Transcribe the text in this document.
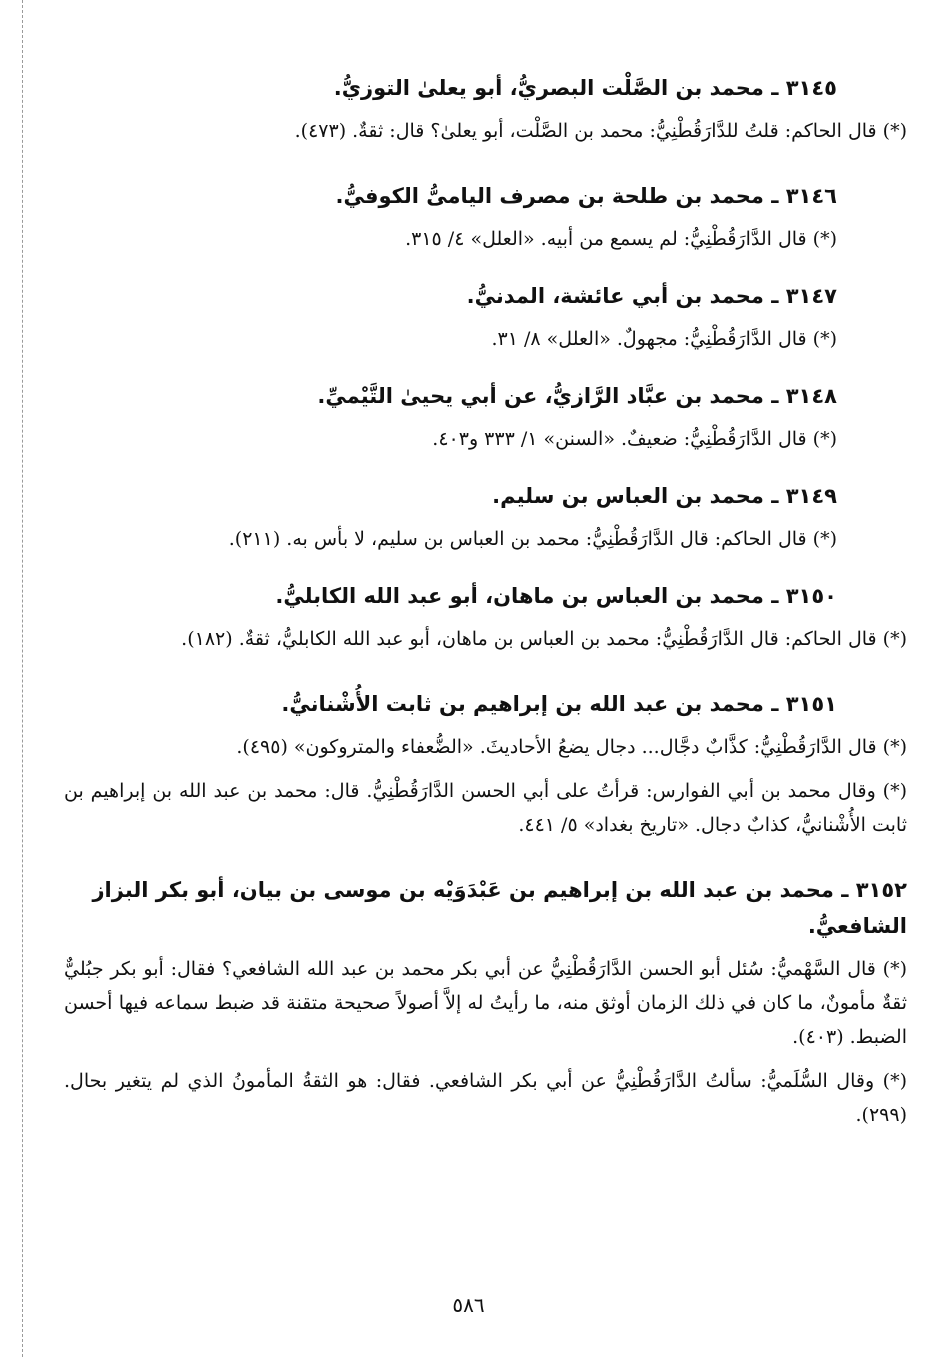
٣١٤٥ ـ محمد بن الصَّلْت البصريُّ، أبو يعلىٰ التوزيُّ.

(*) قال الحاكم: قلتُ للدَّارَقُطْنِيُّ: محمد بن الصَّلْت، أبو يعلىٰ؟ قال: ثقةٌ. (٤٧٣).

٣١٤٦ ـ محمد بن طلحة بن مصرف اليامىُّ الكوفيُّ.

(*) قال الدَّارَقُطْنِيُّ: لم يسمع من أبيه. «العلل» ٤/ ٣١٥.

٣١٤٧ ـ محمد بن أبي عائشة، المدنيُّ.

(*) قال الدَّارَقُطْنِيُّ: مجهولٌ. «العلل» ٨/ ٣١.

٣١٤٨ ـ محمد بن عبَّاد الرَّازيُّ، عن أبي يحيىٰ التَّيْميِّ.

(*) قال الدَّارَقُطْنِيُّ: ضعيفٌ. «السنن» ١/ ٣٣٣ و٤٠٣.

٣١٤٩ ـ محمد بن العباس بن سليم.

(*) قال الحاكم: قال الدَّارَقُطْنِيُّ: محمد بن العباس بن سليم، لا بأس به. (٢١١).

٣١٥٠ ـ محمد بن العباس بن ماهان، أبو عبد الله الكابليُّ.

(*) قال الحاكم: قال الدَّارَقُطْنِيُّ: محمد بن العباس بن ماهان، أبو عبد الله الكابليُّ، ثقةٌ. (١٨٢).

٣١٥١ ـ محمد بن عبد الله بن إبراهيم بن ثابت الأُشْنانيُّ.

(*) قال الدَّارَقُطْنِيُّ: كذَّابٌ دجَّال... دجال يضعُ الأحاديثَ. «الضُّعفاء والمتروكون» (٤٩٥).

(*) وقال محمد بن أبي الفوارس: قرأتُ على أبي الحسن الدَّارَقُطْنِيُّ. قال: محمد بن عبد الله بن إبراهيم بن ثابت الأُشْنانيُّ، كذابٌ دجال. «تاريخ بغداد» ٥/ ٤٤١.

٣١٥٢ ـ محمد بن عبد الله بن إبراهيم بن عَبْدَوَيْه بن موسى بن بيان، أبو بكر البزاز الشافعيُّ.

(*) قال السَّهْميُّ: سُئل أبو الحسن الدَّارَقُطْنِيُّ عن أبي بكر محمد بن عبد الله الشافعي؟ فقال: أبو بكر جبُليٌّ ثقةٌ مأمونٌ، ما كان في ذلك الزمان أوثق منه، ما رأيتُ له إلاَّ أصولاً صحيحة متقنة قد ضبط سماعه فيها أحسن الضبط. (٤٠٣).

(*) وقال السُّلَميُّ: سألتُ الدَّارَقُطْنِيُّ عن أبي بكر الشافعي. فقال: هو الثقةُ المأمونُ الذي لم يتغير بحال. (٢٩٩).

٥٨٦
